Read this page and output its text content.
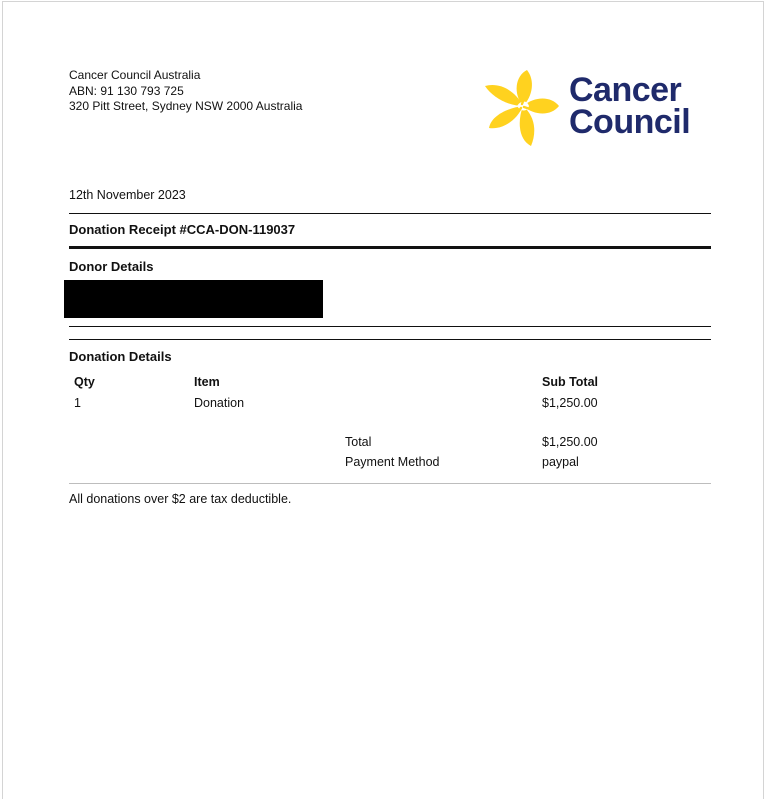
Cancer Council Australia
ABN: 91 130 793 725
320 Pitt Street, Sydney NSW 2000 Australia	Cancer
Council
12th November 2023
Donation Receipt #CCA-DON-119037
Donor Details
Donation Details
Qty	Item	Sub Total
1	Donation	$1,250.00
Total	$1,250.00
Payment Method	paypal
All donations over $2 are tax deductible.
